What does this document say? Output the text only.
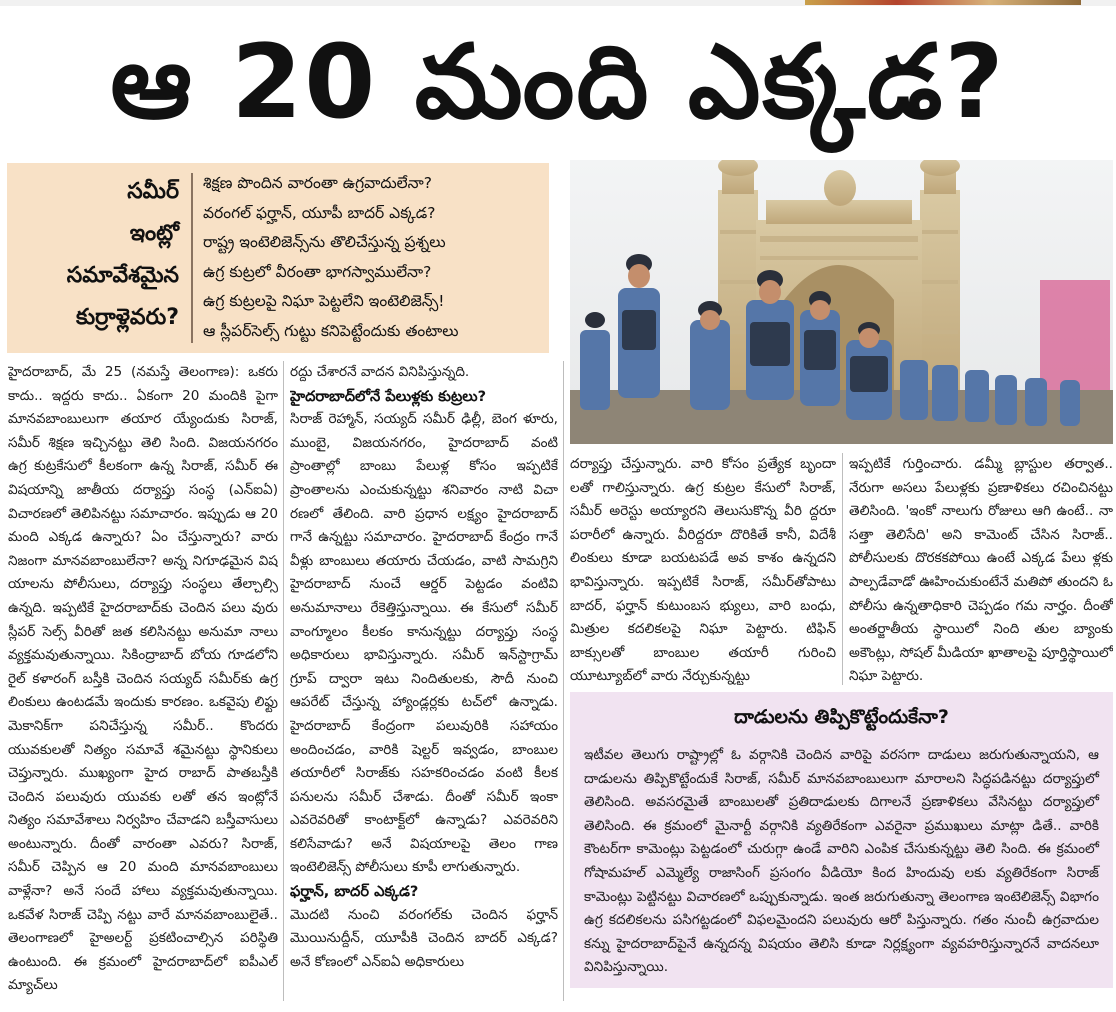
ఆ 20 మంది ఎక్కడ?
సమీర్
ఇంట్లో
సమావేశమైన
కుర్రాళ్లెవరు?
శిక్షణ పొందిన వారంతా ఉగ్రవాదులేనా?
వరంగల్ ఫర్హాన్, యూపీ బాదర్ ఎక్కడ?
రాష్ట్ర ఇంటెలిజెన్స్‌ను తొలిచేస్తున్న ప్రశ్నలు
ఉగ్ర కుట్రలో వీరంతా భాగస్వాములేనా?
ఉగ్ర కుట్రలపై నిఘా పెట్టలేని ఇంటెలిజెన్స్!
ఆ స్లీపర్‌సెల్స్ గుట్టు కనిపెట్టేందుకు తంటాలు

హైదరాబాద్, మే 25 (నమస్తే తెలంగాణ): ఒకరు కాదు.. ఇద్దరు కాదు.. ఏకంగా 20 మందికి పైగా మానవబాంబులుగా తయార య్యేందుకు సిరాజ్, సమీర్ శిక్షణ ఇచ్చినట్టు తెలి సింది. విజయనగరం ఉగ్ర కుట్రకేసులో కీలకంగా ఉన్న సిరాజ్, సమీర్ ఈ విషయాన్ని జాతీయ దర్యాప్తు సంస్థ (ఎన్ఐఏ) విచారణలో తెలిపినట్టు సమాచారం. ఇప్పుడు ఆ 20 మంది ఎక్కడ ఉన్నారు? ఏం చేస్తున్నారు? వారు నిజంగా మానవబాంబులేనా? అన్న నిగూఢమైన విష యాలను పోలీసులు, దర్యాప్తు సంస్థలు తేల్చాల్సి ఉన్నది. ఇప్పటికే హైదరాబాద్‌కు చెందిన పలు వురు స్లీపర్ సెల్స్ వీరితో జత కలిసినట్టు అనుమా నాలు వ్యక్తమవుతున్నాయి. సికింద్రాబాద్ బోయ గూడలోని రైల్ కళారంగ్ బస్తీకి చెందిన సయ్యద్ సమీర్‌కు ఉగ్ర లింకులు ఉంటడమే ఇందుకు కారణం. ఒకవైపు లిఫ్టు మెకానిక్‌గా పనిచేస్తున్న సమీర్.. కొందరు యువకులతో నిత్యం సమావే శమైనట్టు స్థానికులు చెప్తున్నారు. ముఖ్యంగా హైద రాబాద్ పాతబస్తీకి చెందిన పలువురు యువకు లతో తన ఇంట్లోనే నిత్యం సమావేశాలు నిర్వహిం చేవాడని బస్తీవాసులు అంటున్నారు. దీంతో వారంతా ఎవరు? సిరాజ్, సమీర్ చెప్పిన ఆ 20 మంది మానవబాంబులు వాళ్లేనా? అనే సందే హాలు వ్యక్తమవుతున్నాయి. ఒకవేళ సిరాజ్ చెప్పి నట్టు వారే మానవబాంబులైతే.. తెలంగాణలో హైఅలర్ట్ ప్రకటించాల్సిన పరిస్థితి ఉంటుంది. ఈ క్రమంలో హైదరాబాద్‌లో ఐపీఎల్ మ్యాచ్‌లు

రద్దు చేశారనే వాదన వినిపిస్తున్నది.

హైదరాబాద్‌లోనే పేలుళ్లకు కుట్రలు?

సిరాజ్ రెహ్మాన్, సయ్యద్ సమీర్ ఢిల్లీ, బెంగ ళూరు, ముంబై, విజయనగరం, హైదరాబాద్ వంటి ప్రాంతాల్లో బాంబు పేలుళ్ల కోసం ఇప్పటికే ప్రాంతాలను ఎంచుకున్నట్టు శనివారం నాటి విచా రణలో తేలింది. వారి ప్రధాన లక్ష్యం హైదరాబాద్ గానే ఉన్నట్టు సమాచారం. హైదరాబాద్ కేంద్రం గానే వీళ్లు బాంబులు తయారు చేయడం, వాటి సామగ్రిని హైదరాబాద్ నుంచే ఆర్డర్ పెట్టడం వంటివి అనుమానాలు రేకెత్తిస్తున్నాయి. ఈ కేసులో సమీర్ వాంగ్మూలం కీలకం కానున్నట్టు దర్యాప్తు సంస్థ అధికారులు భావిస్తున్నారు. సమీర్ ఇన్‌స్టాగ్రామ్ గ్రూప్ ద్వారా ఇటు నిందితులకు, సౌదీ నుంచి ఆపరేట్ చేస్తున్న హ్యాండ్లర్లకు టచ్‌లో ఉన్నాడు. హైదరాబాద్ కేంద్రంగా పలువురికి సహాయం అందించడం, వారికి షెల్టర్ ఇవ్వడం, బాంబుల తయారీలో సిరాజ్‌కు సహకరించడం వంటి కీలక పనులను సమీర్ చేశాడు. దీంతో సమీర్ ఇంకా ఎవరెవరితో కాంటాక్ట్‌లో ఉన్నాడు? ఎవరెవరిని కలిసేవాడు? అనే విషయాలపై తెలం గాణ ఇంటెలిజెన్స్ పోలీసులు కూపీ లాగుతున్నారు.

ఫర్హాన్, బాదర్ ఎక్కడ?

మొదటి నుంచి వరంగల్‌కు చెందిన ఫర్హాన్ మొయినుద్దీన్, యూపీకి చెందిన బాదర్ ఎక్కడ? అనే కోణంలో ఎన్ఐఏ అధికారులు

దర్యాప్తు చేస్తున్నారు. వారి కోసం ప్రత్యేక బృందా లతో గాలిస్తున్నారు. ఉగ్ర కుట్రల కేసులో సిరాజ్, సమీర్ అరెస్టు అయ్యారని తెలుసుకొన్న వీరి ద్దరూ పరారీలో ఉన్నారు. వీరిద్దరూ దొరికితే కానీ, విదేశీ లింకులు కూడా బయటపడే అవ కాశం ఉన్నదని భావిస్తున్నారు. ఇప్పటికే సిరాజ్, సమీర్‌తోపాటు బాదర్, ఫర్హాన్ కుటుంబస భ్యులు, వారి బంధు, మిత్రుల కదలికలపై నిఘా పెట్టారు. టిఫిన్ బాక్సులతో బాంబుల తయారీ గురించి యూట్యూబ్‌లో వారు నేర్చుకున్నట్టు

ఇప్పటికే గుర్తించారు. డమ్మీ బ్లాస్టుల తర్వాత.. నేరుగా అసలు పేలుళ్లకు ప్రణాళికలు రచించినట్టు తెలిసింది. 'ఇంకో నాలుగు రోజులు ఆగి ఉంటే.. నా సత్తా తెలిసేది' అని కామెంట్ చేసిన సిరాజ్.. పోలీసులకు దొరకకపోయి ఉంటే ఎక్కడ పేలు ళ్లకు పాల్పడేవాడో ఊహించుకుంటేనే మతిపో తుందని ఓ పోలీసు ఉన్నతాధికారి చెప్పడం గమ నార్హం. దీంతో అంతర్జాతీయ స్థాయిలో నింది తుల బ్యాంకు అకౌంట్లు, సోషల్ మీడియా ఖాతాలపై పూర్తిస్థాయిలో నిఘా పెట్టారు.

దాడులను తిప్పికొట్టేందుకేనా?
ఇటీవల తెలుగు రాష్ట్రాల్లో ఓ వర్గానికి చెందిన వారిపై వరసగా దాడులు జరుగుతున్నాయని, ఆ దాడులను తిప్పికొట్టేందుకే సిరాజ్, సమీర్ మానవబాంబులుగా మారాలని సిద్ధపడినట్టు దర్యాప్తులో తెలిసింది. అవసరమైతే బాంబులతో ప్రతిదాడులకు దిగాలనే ప్రణాళికలు వేసినట్టు దర్యాప్తులో తెలిసింది. ఈ క్రమంలో మైనార్టీ వర్గానికి వ్యతిరేకంగా ఎవరైనా ప్రముఖులు మాట్లా డితే.. వారికి కౌంటర్‌గా కామెంట్లు పెట్టడంలో చురుగ్గా ఉండే వారిని ఎంపిక చేసుకున్నట్టు తెలి సింది. ఈ క్రమంలో గోషామహల్ ఎమ్మెల్యే రాజాసింగ్ ప్రసంగం వీడియో కింద హిందువు లకు వ్యతిరేకంగా సిరాజ్ కామెంట్లు పెట్టినట్టు విచారణలో ఒప్పుకున్నాడు. ఇంత జరుగుతున్నా తెలంగాణ ఇంటెలిజెన్స్ విభాగం ఉగ్ర కదలికలను పసిగట్టడంలో విఫలమైందని పలువురు ఆరో పిస్తున్నారు. గతం నుంచీ ఉగ్రవాదుల కన్ను హైదరాబాద్‌పైనే ఉన్నదన్న విషయం తెలిసి కూడా నిర్లక్ష్యంగా వ్యవహరిస్తున్నారనే వాదనలూ వినిపిస్తున్నాయి.
